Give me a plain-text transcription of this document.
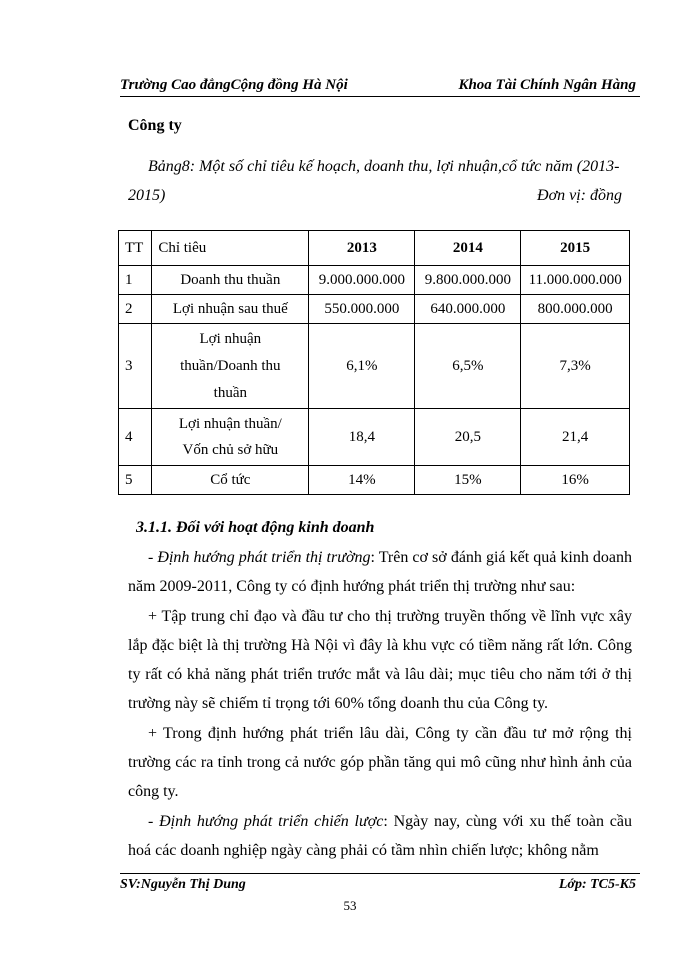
Trường Cao đẳngCộng đồng Hà Nội	Khoa Tài Chính Ngân Hàng
Công ty
Bảng8: Một số chỉ tiêu kế hoạch, doanh thu, lợi nhuận,cổ tức năm (2013-
2015)	Đơn vị: đồng
TT	Chỉ tiêu	2013	2014	2015
1	Doanh thu thuần	9.000.000.000	9.800.000.000	11.000.000.000
2	Lợi nhuận sau thuế	550.000.000	640.000.000	800.000.000
3	Lợi nhuận thuần/Doanh thu thuần	6,1%	6,5%	7,3%
4	Lợi nhuận thuần/ Vốn chủ sở hữu	18,4	20,5	21,4
5	Cổ tức	14%	15%	16%
3.1.1. Đối với hoạt động kinh doanh

- Định hướng phát triển thị trường: Trên cơ sở đánh giá kết quả kinh doanh năm 2009-2011, Công ty có định hướng phát triển thị trường như sau:

+ Tập trung chỉ đạo và đầu tư cho thị trường truyền thống về lĩnh vực xây lắp đặc biệt là thị trường Hà Nội vì đây là khu vực có tiềm năng rất lớn. Công ty rất có khả năng phát triển trước mắt và lâu dài; mục tiêu cho năm tới ở thị trường này sẽ chiếm tỉ trọng tới 60% tổng doanh thu của Công ty.

+ Trong định hướng phát triển lâu dài, Công ty cần đầu tư mở rộng thị trường các ra tỉnh trong cả nước góp phần tăng qui mô cũng như hình ảnh của công ty.

- Định hướng phát triển chiến lược: Ngày nay, cùng với xu thế toàn cầu hoá các doanh nghiệp ngày càng phải có tầm nhìn chiến lược; không nằm

SV:Nguyễn Thị Dung	Lớp: TC5-K5
53
